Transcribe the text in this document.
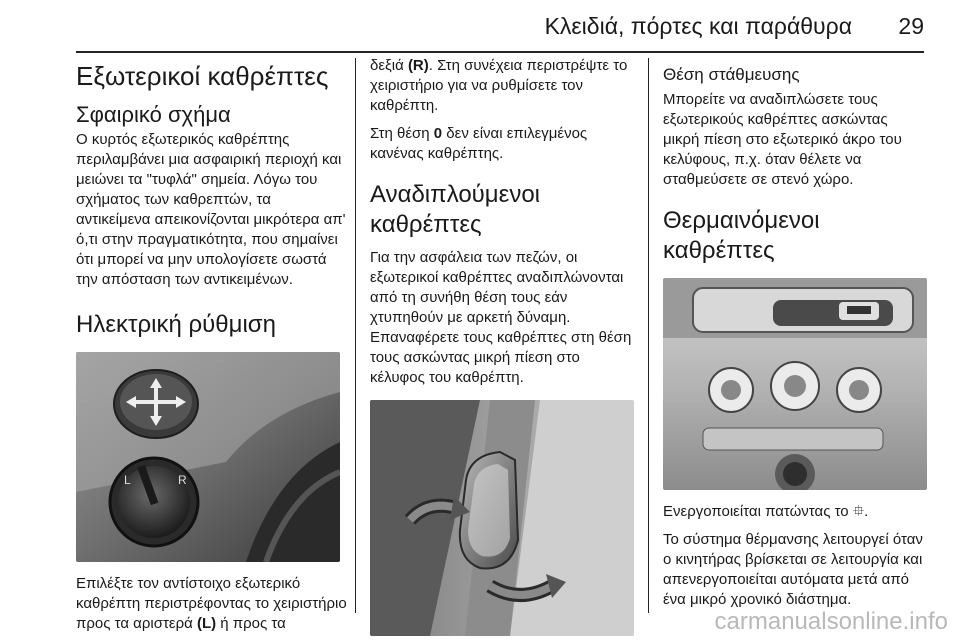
Κλειδιά, πόρτες και παράθυρα 29
Εξωτερικοί καθρέπτες
Σφαιρικό σχήμα

Ο κυρτός εξωτερικός καθρέπτης περιλαμβάνει μια ασφαιρική περιοχή και μειώνει τα "τυφλά" σημεία. Λόγω του σχήματος των καθρεπτών, τα αντικείμενα απεικονίζονται μικρότερα απ' ό,τι στην πραγματικότητα, που σημαίνει ότι μπορεί να μην υπολογίσετε σωστά την απόσταση των αντικειμένων.

Ηλεκτρική ρύθμιση
L	R

Επιλέξτε τον αντίστοιχο εξωτερικό καθρέπτη περιστρέφοντας το χειριστήριο προς τα αριστερά (L) ή προς τα

δεξιά (R). Στη συνέχεια περιστρέψτε το χειριστήριο για να ρυθμίσετε τον καθρέπτη.

Στη θέση 0 δεν είναι επιλεγμένος κανένας καθρέπτης.

Αναδιπλούμενοι καθρέπτες

Για την ασφάλεια των πεζών, οι εξωτερικοί καθρέπτες αναδιπλώνονται από τη συνήθη θέση τους εάν χτυπηθούν με αρκετή δύναμη. Επαναφέρετε τους καθρέπτες στη θέση τους ασκώντας μικρή πίεση στο κέλυφος του καθρέπτη.

Θέση στάθμευσης

Μπορείτε να αναδιπλώσετε τους εξωτερικούς καθρέπτες ασκώντας μικρή πίεση στο εξωτερικό άκρο του κελύφους, π.χ. όταν θέλετε να σταθμεύσετε σε στενό χώρο.

Θερμαινόμενοι καθρέπτες

Ενεργοποιείται πατώντας το ⯐.

Το σύστημα θέρμανσης λειτουργεί όταν ο κινητήρας βρίσκεται σε λειτουργία και απενεργοποιείται αυτόματα μετά από ένα μικρό χρονικό διάστημα.

carmanualsonline.info
